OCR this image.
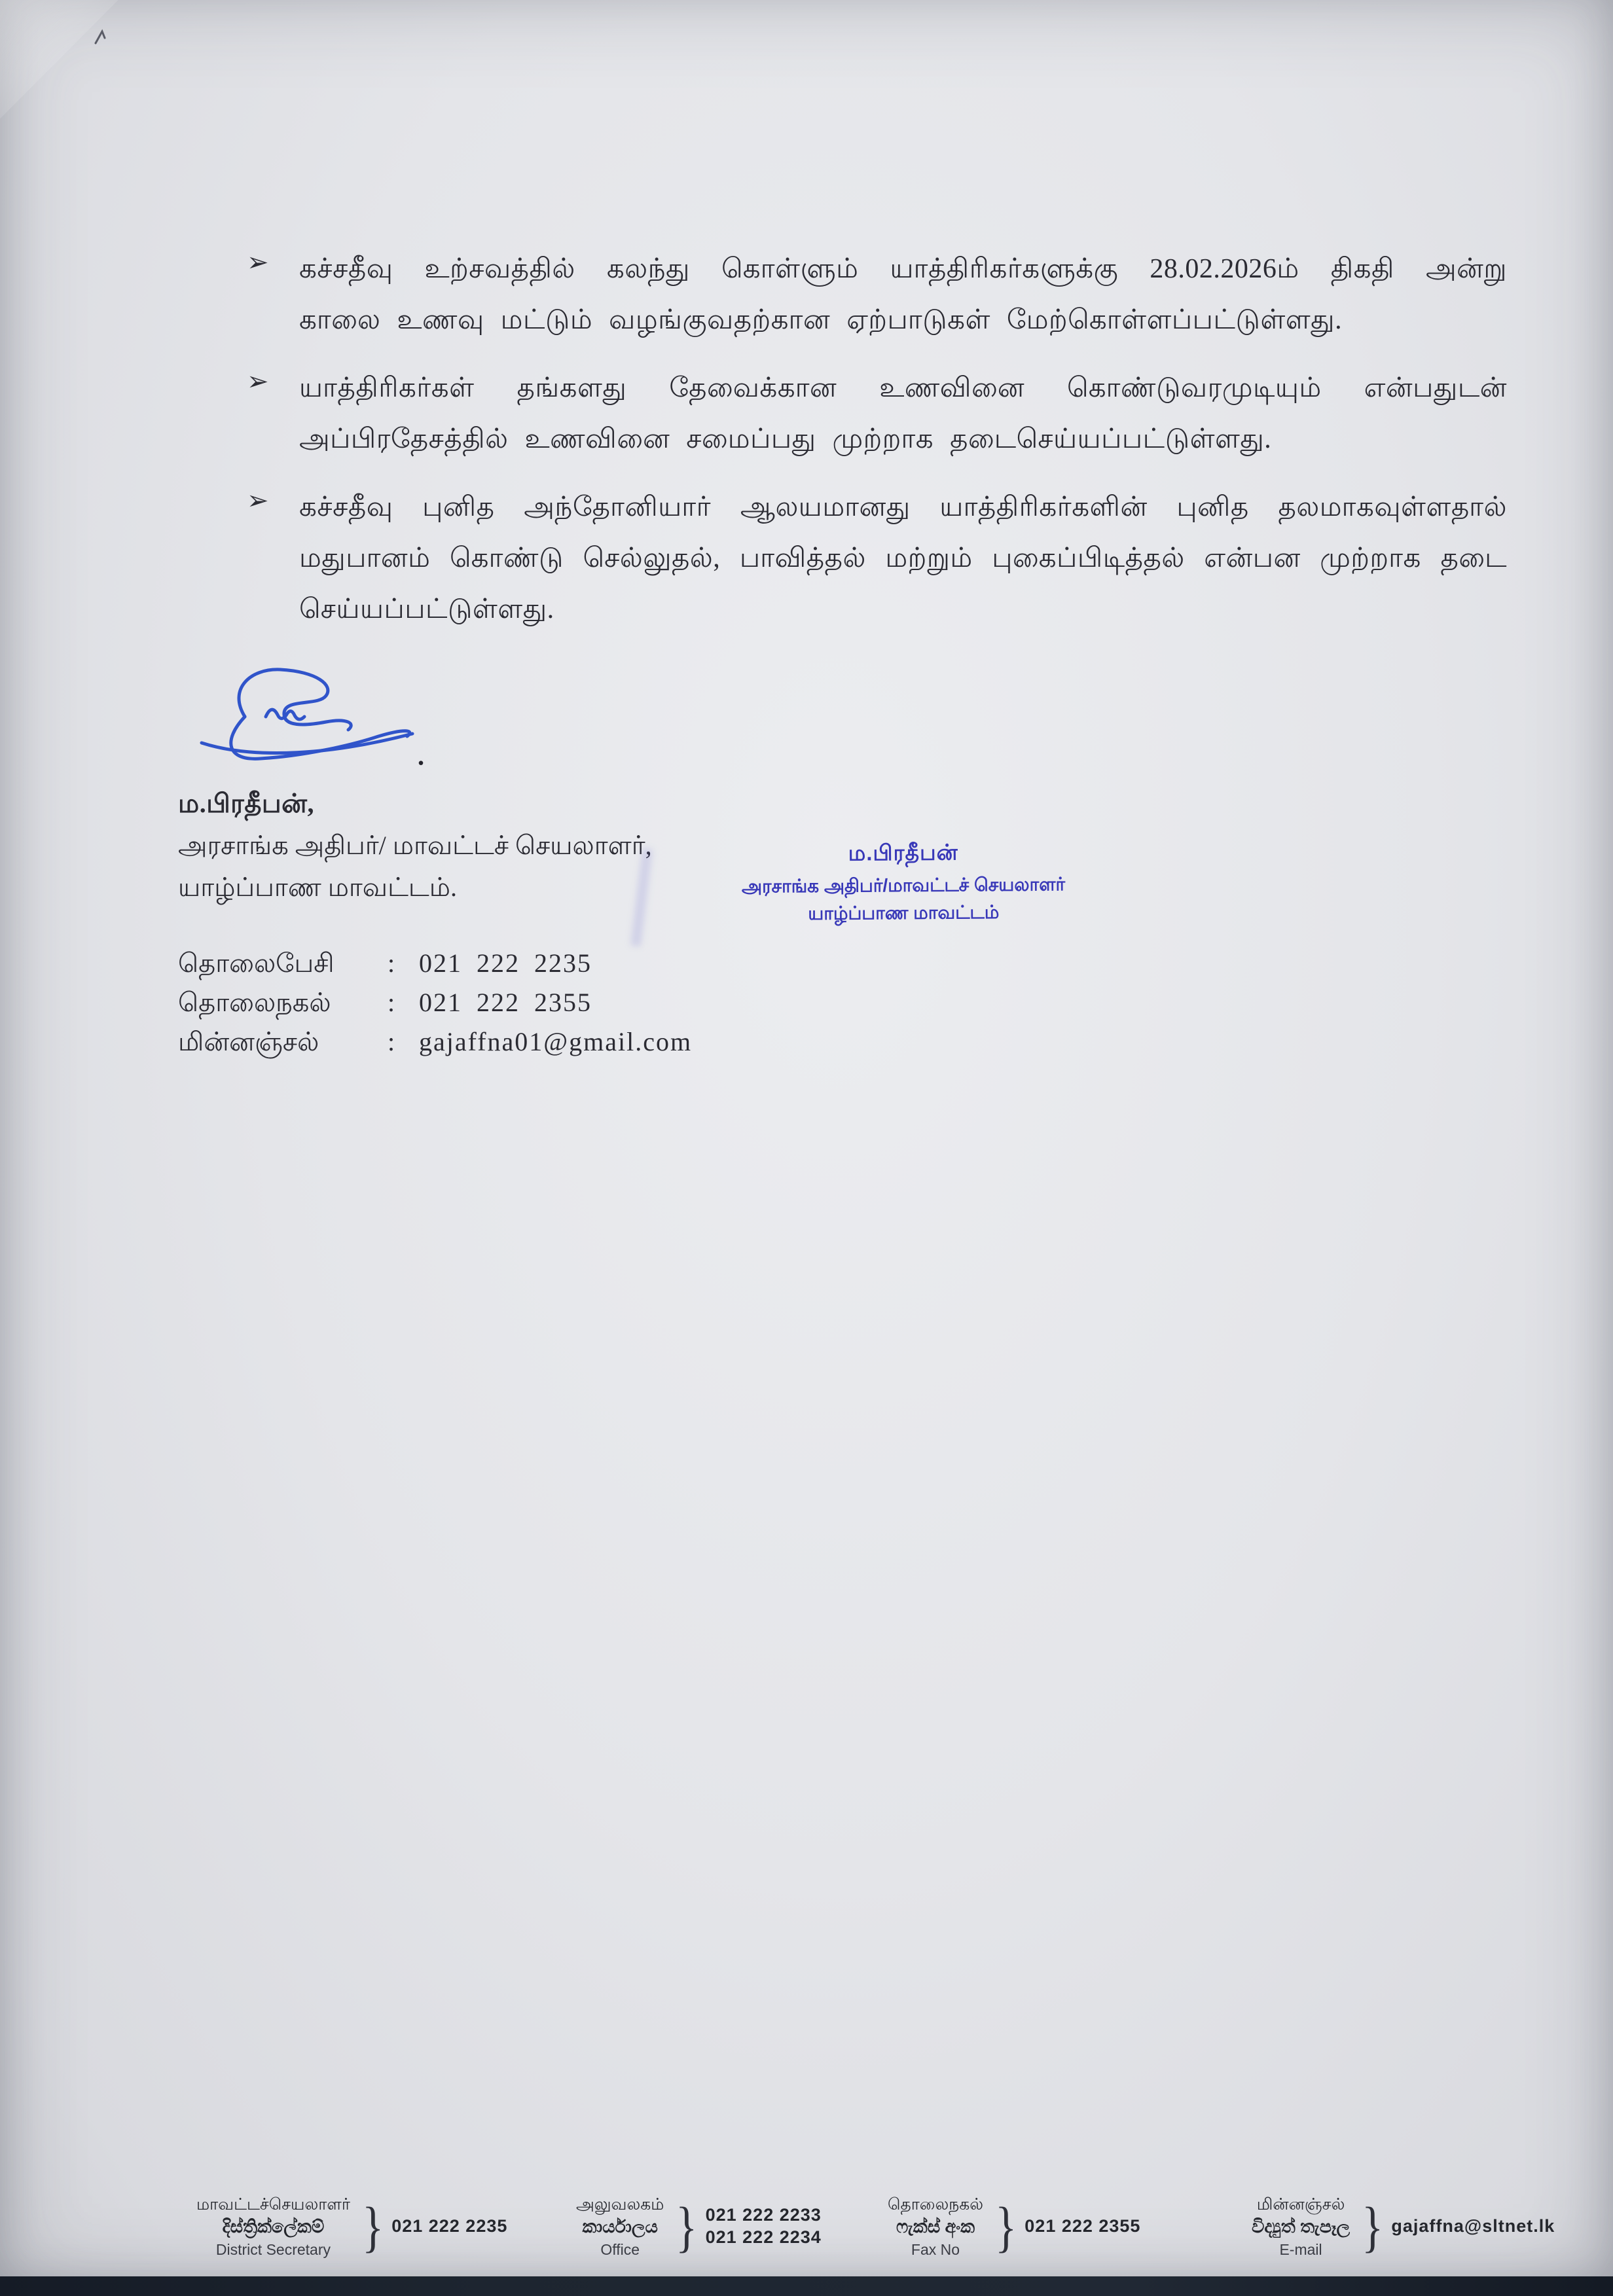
➢ கச்சதீவு உற்சவத்தில் கலந்து கொள்ளும் யாத்திரிகர்களுக்கு 28.02.2026ம் திகதி அன்று
காலை உணவு மட்டும் வழங்குவதற்கான ஏற்பாடுகள் மேற்கொள்ளப்பட்டுள்ளது.
➢ யாத்திரிகர்கள் தங்களது தேவைக்கான உணவினை கொண்டுவரமுடியும் என்பதுடன்
அப்பிரதேசத்தில் உணவினை சமைப்பது முற்றாக தடைசெய்யப்பட்டுள்ளது.
➢ கச்சதீவு புனித அந்தோனியார் ஆலயமானது யாத்திரிகர்களின் புனித தலமாகவுள்ளதால்
மதுபானம் கொண்டு செல்லுதல், பாவித்தல் மற்றும் புகைப்பிடித்தல் என்பன முற்றாக தடை
செய்யப்பட்டுள்ளது.
.
ம.பிரதீபன்,
அரசாங்க அதிபர்/ மாவட்டச் செயலாளர்,
யாழ்ப்பாண மாவட்டம்.
ம.பிரதீபன்
அரசாங்க அதிபர்/மாவட்டச் செயலாளர்
யாழ்ப்பாண மாவட்டம்
தொலைபேசி	: 021 222 2235
தொலைநகல்	: 021 222 2355
மின்னஞ்சல்	: gajaffna01@gmail.com
மாவட்டச்செயலாளர்
දිස්ත්‍රික්ලේකම්
District Secretary } 021 222 2235
அலுவலகம்
කාර්යාලය
Office } 021 222 2233
021 222 2234
தொலைநகல்
ෆැක්ස් අංක
Fax No } 021 222 2355
மின்னஞ்சல்
විද්‍යුත් තැපෑල
E-mail } gajaffna@sltnet.lk
